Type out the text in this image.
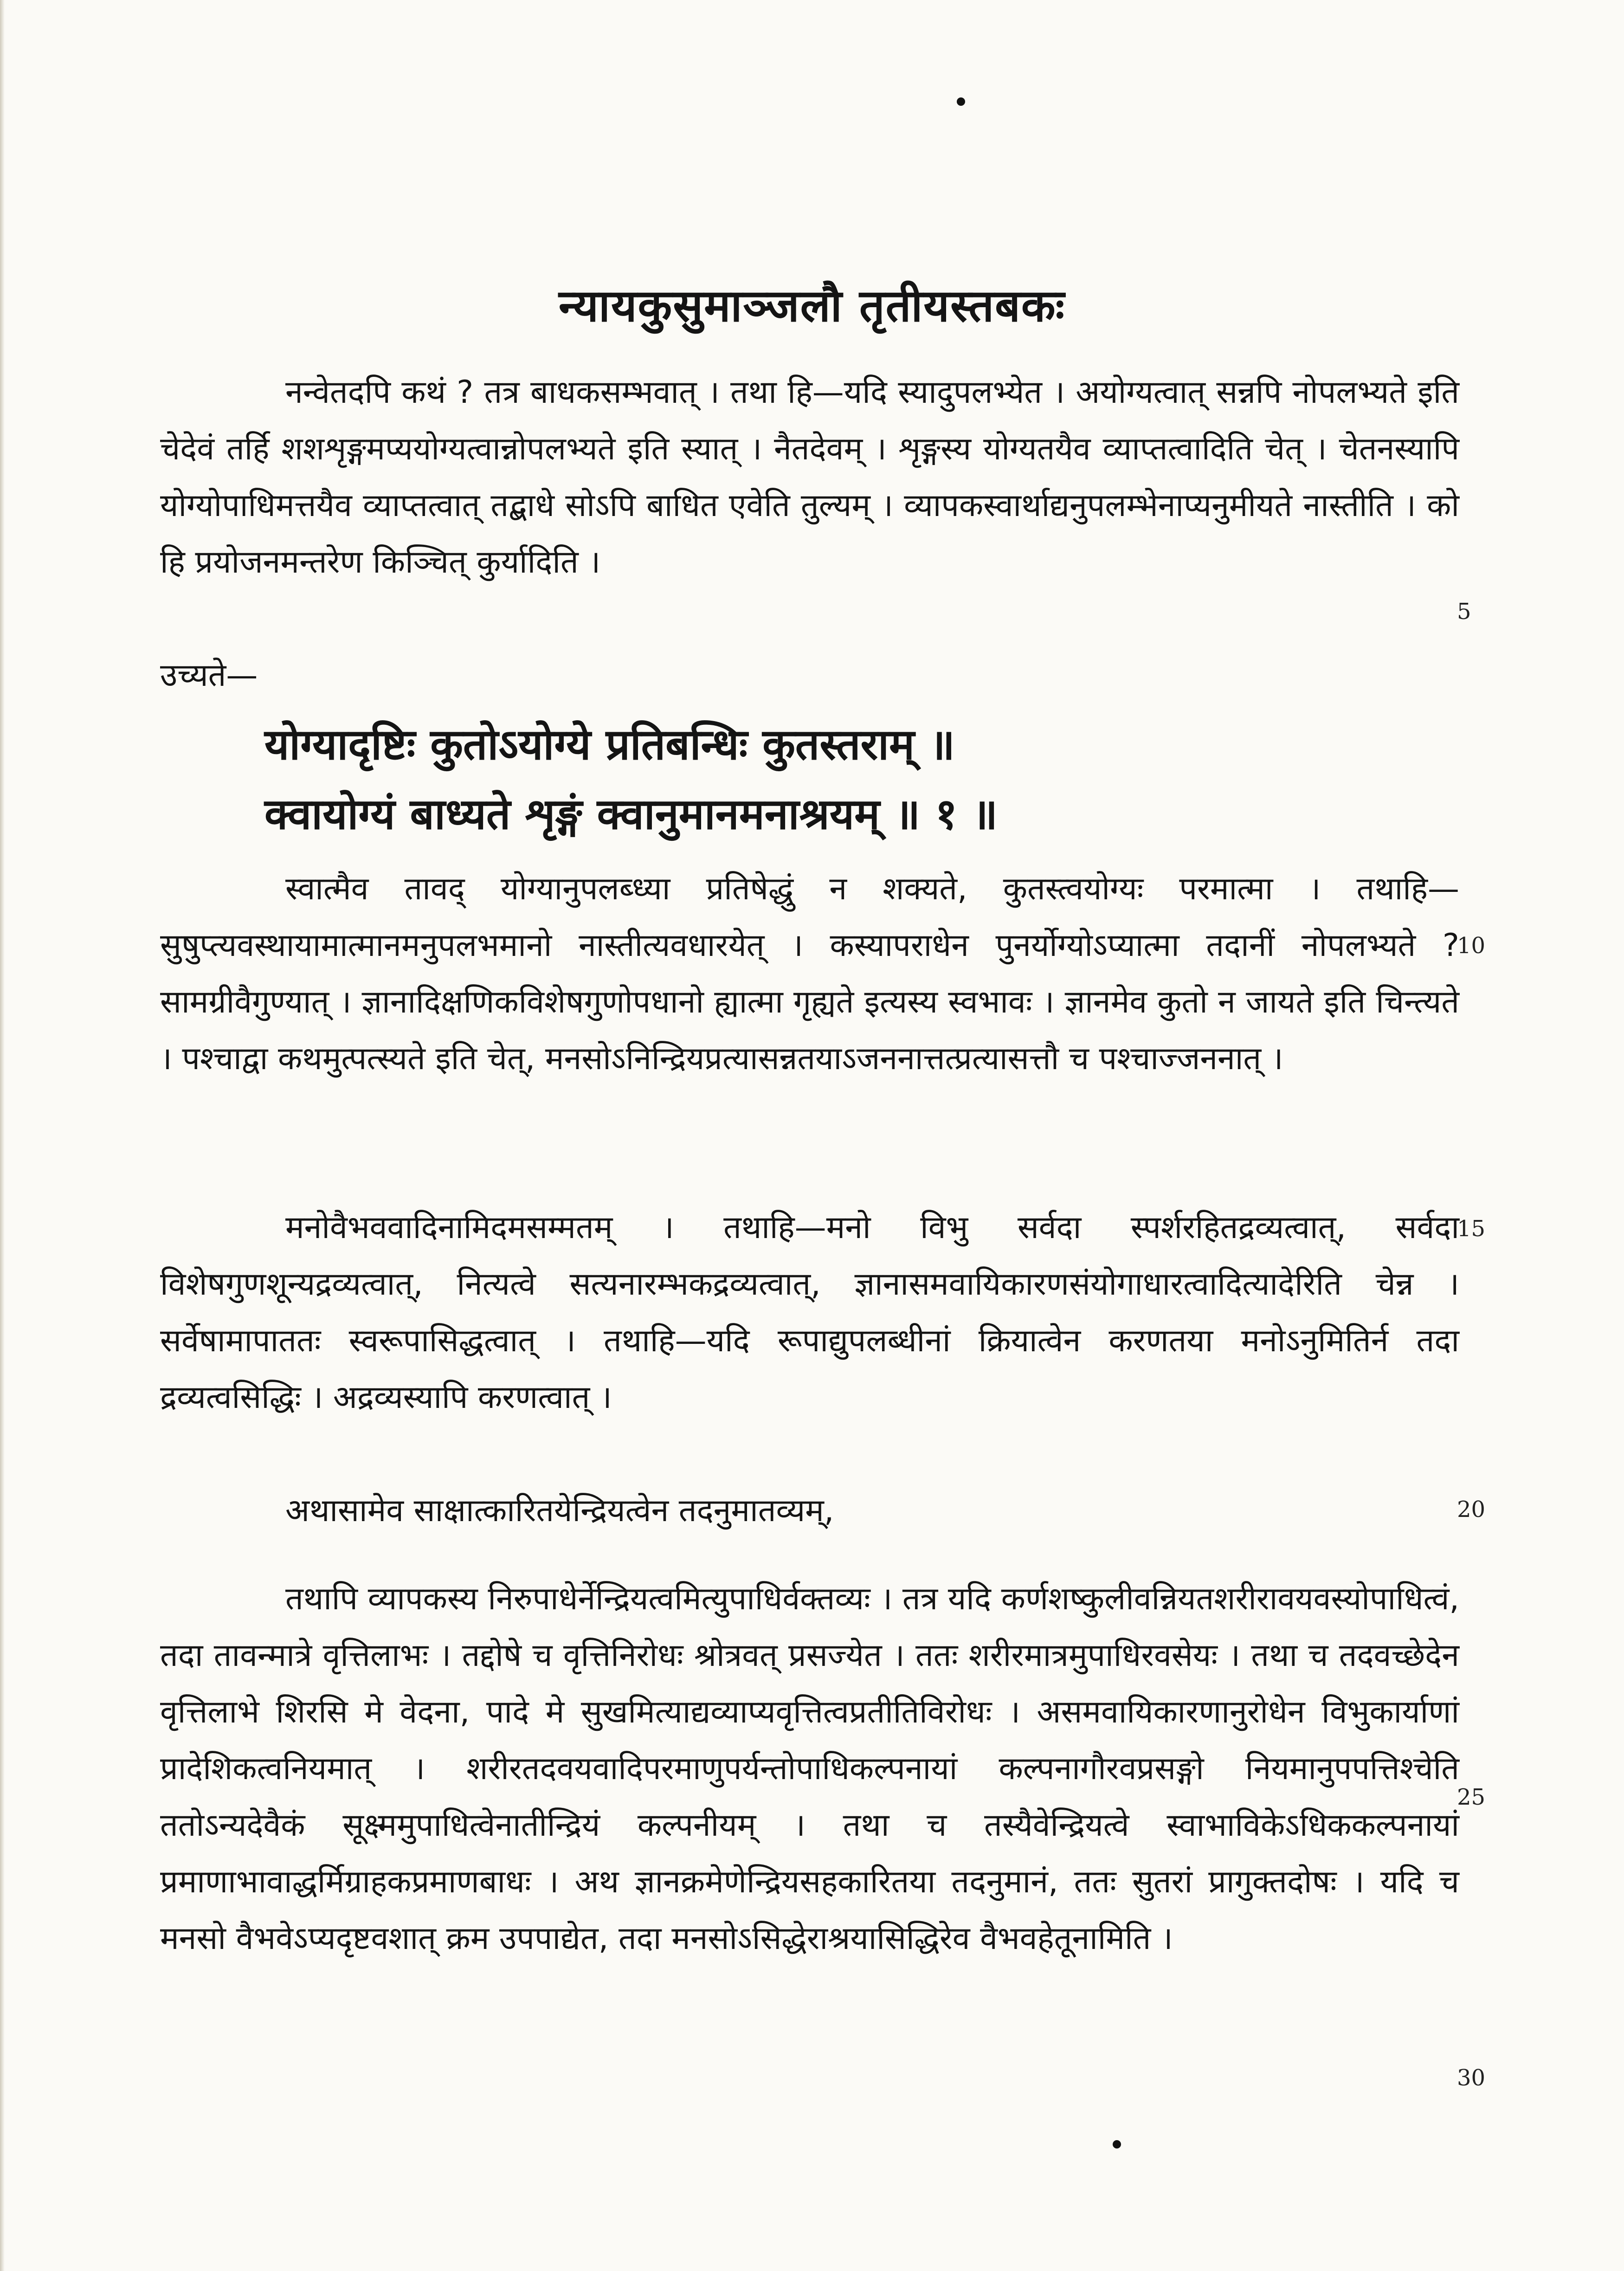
न्यायकुसुमाञ्जलौ तृतीयस्तबकः

नन्वेतदपि कथं ? तत्र बाधकसम्भवात् । तथा हि—यदि स्यादुपलभ्येत । अयोग्यत्वात् सन्नपि नोपलभ्यते इति चेदेवं तर्हि शशशृङ्गमप्ययोग्यत्वान्नोपलभ्यते इति स्यात् । नैतदेवम् । शृङ्गस्य योग्यतयैव व्याप्तत्वादिति चेत् । चेतनस्यापि योग्योपाधिमत्तयैव व्याप्तत्वात् तद्बाधे सोऽपि बाधित एवेति तुल्यम् । व्यापकस्वार्थाद्यनुपलम्भेनाप्यनुमीयते नास्तीति । को हि प्रयोजनमन्तरेण किञ्चित् कुर्यादिति ।

उच्यते—

योग्यादृष्टिः कुतोऽयोग्ये प्रतिबन्धिः कुतस्तराम् ॥
क्वायोग्यं बाध्यते शृङ्गं क्वानुमानमनाश्रयम् ॥ १ ॥

स्वात्मैव तावद् योग्यानुपलब्ध्या प्रतिषेद्धुं न शक्यते, कुतस्त्वयोग्यः परमात्मा । तथाहि—सुषुप्त्यवस्थायामात्मानमनुपलभमानो नास्तीत्यवधारयेत् । कस्यापराधेन पुनर्योग्योऽप्यात्मा तदानीं नोपलभ्यते ? सामग्रीवैगुण्यात् । ज्ञानादिक्षणिकविशेषगुणोपधानो ह्यात्मा गृह्यते इत्यस्य स्वभावः । ज्ञानमेव कुतो न जायते इति चिन्त्यते । पश्चाद्वा कथमुत्पत्स्यते इति चेत्, मनसोऽनिन्द्रियप्रत्यासन्नतयाऽजननात्तत्प्रत्यासत्तौ च पश्चाज्जननात् ।

मनोवैभववादिनामिदमसम्मतम् । तथाहि—मनो विभु सर्वदा स्पर्शरहितद्रव्यत्वात्, सर्वदा विशेषगुणशून्यद्रव्यत्वात्, नित्यत्वे सत्यनारम्भकद्रव्यत्वात्, ज्ञानासमवायिकारणसंयोगाधारत्वादित्यादेरिति चेन्न । सर्वेषामापाततः स्वरूपासिद्धत्वात् । तथाहि—यदि रूपाद्युपलब्धीनां क्रियात्वेन करणतया मनोऽनुमितिर्न तदा द्रव्यत्वसिद्धिः । अद्रव्यस्यापि करणत्वात् ।

अथासामेव साक्षात्कारितयेन्द्रियत्वेन तदनुमातव्यम्,

तथापि व्यापकस्य निरुपाधेर्नेन्द्रियत्वमित्युपाधिर्वक्तव्यः । तत्र यदि कर्णशष्कुलीवन्नियतशरीरावयवस्योपाधित्वं, तदा तावन्मात्रे वृत्तिलाभः । तद्दोषे च वृत्तिनिरोधः श्रोत्रवत् प्रसज्येत । ततः शरीरमात्रमुपाधिरवसेयः । तथा च तदवच्छेदेन वृत्तिलाभे शिरसि मे वेदना, पादे मे सुखमित्याद्यव्याप्यवृत्तित्वप्रतीतिविरोधः । असमवायिकारणानुरोधेन विभुकार्याणां प्रादेशिकत्वनियमात् । शरीरतदवयवादिपरमाणुपर्यन्तोपाधिकल्पनायां कल्पनागौरवप्रसङ्गो नियमानुपपत्तिश्चेति ततोऽन्यदेवैकं सूक्ष्ममुपाधित्वेनातीन्द्रियं कल्पनीयम् । तथा च तस्यैवेन्द्रियत्वे स्वाभाविकेऽधिककल्पनायां प्रमाणाभावाद्धर्मिग्राहकप्रमाणबाधः । अथ ज्ञानक्रमेणेन्द्रियसहकारितया तदनुमानं, ततः सुतरां प्रागुक्तदोषः । यदि च मनसो वैभवेऽप्यदृष्टवशात् क्रम उपपाद्येत, तदा मनसोऽसिद्धेराश्रयासिद्धिरेव वैभवहेतूनामिति ।

5
10
15
20
25
30
